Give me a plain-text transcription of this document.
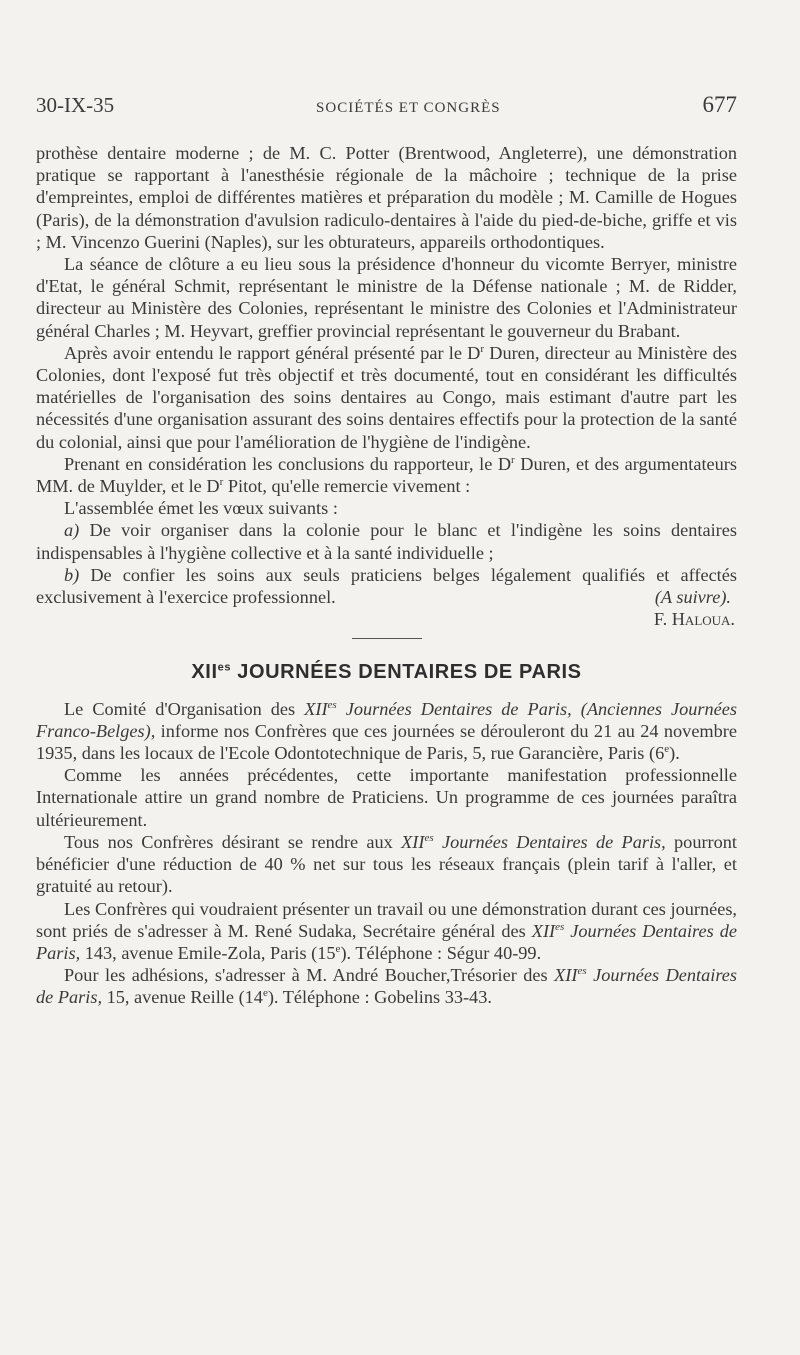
30-IX-35	SOCIÉTÉS ET CONGRÈS	677

prothèse dentaire moderne ; de M. C. Potter (Brentwood, Angleterre), une démonstration pratique se rapportant à l'anesthésie régionale de la mâchoire ; technique de la prise d'empreintes, emploi de différentes matières et préparation du modèle ; M. Camille de Hogues (Paris), de la démonstration d'avulsion radiculo-dentaires à l'aide du pied-de-biche, griffe et vis ; M. Vincenzo Guerini (Naples), sur les obturateurs, appareils orthodontiques.

La séance de clôture a eu lieu sous la présidence d'honneur du vicomte Berryer, ministre d'Etat, le général Schmit, représentant le ministre de la Défense nationale ; M. de Ridder, directeur au Ministère des Colonies, représentant le ministre des Colonies et l'Administrateur général Charles ; M. Heyvart, greffier provincial représentant le gouverneur du Brabant.

Après avoir entendu le rapport général présenté par le $D^r$ Duren, directeur au Ministère des Colonies, dont l'exposé fut très objectif et très documenté, tout en considérant les difficultés matérielles de l'organisation des soins dentaires au Congo, mais estimant d'autre part les nécessités d'une organisation assurant des soins dentaires effectifs pour la protection de la santé du colonial, ainsi que pour l'amélioration de l'hygiène de l'indigène.

Prenant en considération les conclusions du rapporteur, le $D^r$ Duren, et des argumentateurs MM. de Muylder, et le $D^r$ Pitot, qu'elle remercie vivement :

L'assemblée émet les vœux suivants :

a) De voir organiser dans la colonie pour le blanc et l'indigène les soins dentaires indispensables à l'hygiène collective et à la santé individuelle ;

b) De confier les soins aux seuls praticiens belges légalement qualifiés et affectés exclusivement à l'exercice professionnel.	(A suivre).

F. Haloua.

$XII^{es}$ JOURNÉES DENTAIRES DE PARIS

Le Comité d'Organisation des $XII^{es}$ Journées Dentaires de Paris, (Anciennes Journées Franco-Belges), informe nos Confrères que ces journées se dérouleront du 21 au 24 novembre 1935, dans les locaux de l'Ecole Odontotechnique de Paris, 5, rue Garancière, Paris (6e).

Comme les années précédentes, cette importante manifestation professionnelle Internationale attire un grand nombre de Praticiens. Un programme de ces journées paraîtra ultérieurement.

Tous nos Confrères désirant se rendre aux $XII^{es}$ Journées Dentaires de Paris, pourront bénéficier d'une réduction de 40 % net sur tous les réseaux français (plein tarif à l'aller, et gratuité au retour).

Les Confrères qui voudraient présenter un travail ou une démonstration durant ces journées, sont priés de s'adresser à M. René Sudaka, Secrétaire général des $XII^{es}$ Journées Dentaires de Paris, 143, avenue Emile-Zola, Paris (15e). Téléphone : Ségur 40-99.

Pour les adhésions, s'adresser à M. André Boucher,Trésorier des $XII^{es}$ Journées Dentaires de Paris, 15, avenue Reille (14e). Téléphone : Gobelins 33-43.
